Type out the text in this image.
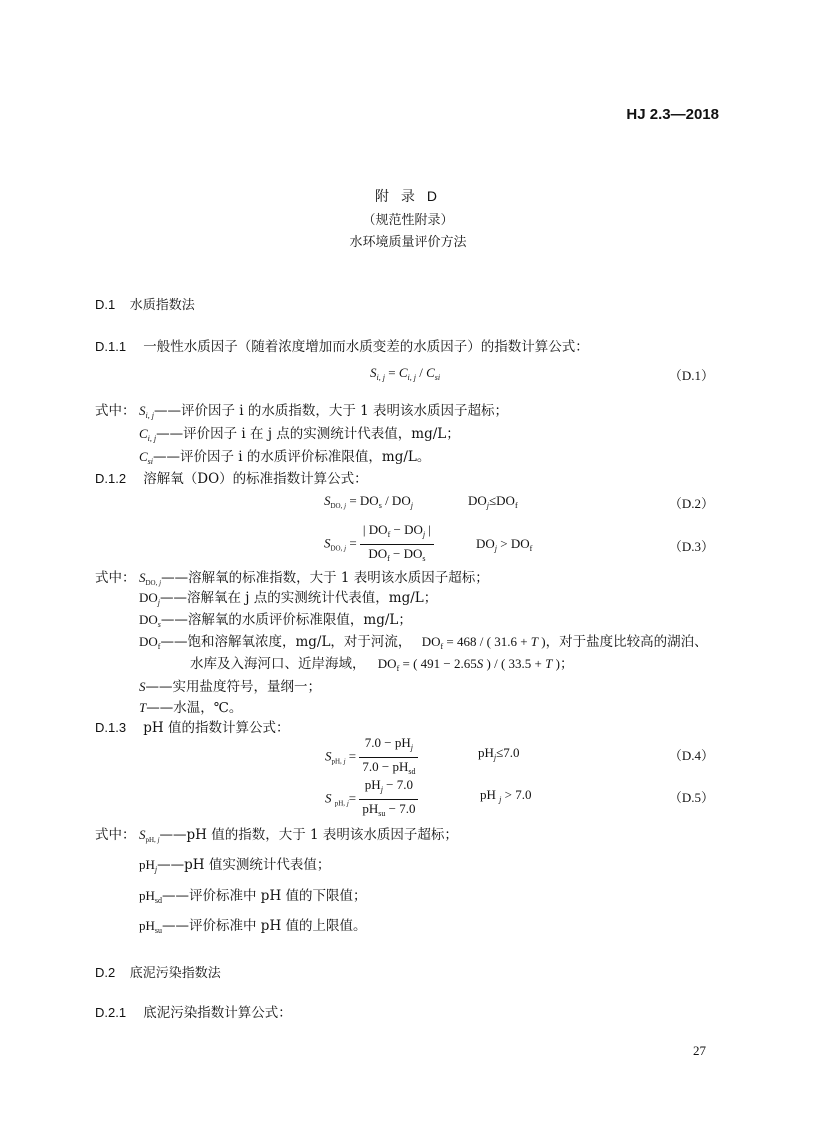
HJ 2.3—2018
附 录 D
（规范性附录）
水环境质量评价方法
D.1 水质指数法
D.1.1 一般性水质因子（随着浓度增加而水质变差的水质因子）的指数计算公式：
$S_{i, j} = C_{i, j} / C_{si}$	（D.1）
式中： $S_{i, j}——$评价因子 i 的水质指数，大于 1 表明该水质因子超标；
$C_{i, j}——$评价因子 i 在 j 点的实测统计代表值，mg/L；
$C_{si}——$评价因子 i 的水质评价标准限值，mg/L。
D.1.2 溶解氧（DO）的标准指数计算公式：
$S_{DO, j} = DO_s / DO_j$	$DO_j\le DO_f$	（D.2）
$S_{DO, j} = \frac{| DO_f - DO_j |}{DO_f - DO_s}$	$DO_j > DO_f$	（D.3）
式中： $S_{DO, j}——$溶解氧的标准指数，大于 1 表明该水质因子超标；
$DO_j——$溶解氧在 j 点的实测统计代表值，mg/L；
$DO_s——$溶解氧的水质评价标准限值，mg/L；
$DO_f——$饱和溶解氧浓度，mg/L，对于河流， $DO_f = 468$ / ( 31.6 + T )，对于盐度比较高的湖泊、
水库及入海河口、近岸海域， $DO_f$ = ( 491 − 2.65S ) / ( 33.5 + T )；
S——实用盐度符号，量纲一；
T——水温，℃。
D.1.3 pH 值的指数计算公式：
$S_{pH, j} = \frac{7.0 - pH_j}{7.0 - pH_{sd}}$	$pH_j\le 7.0$	（D.4）
S $_{pH, j}= \frac{pH_j - 7.0}{pH_{su} - 7.0}$	pH $_j$ > 7.0	（D.5）
式中： $S_{pH, j}——pH$ 值的指数，大于 1 表明该水质因子超标；
$pH_j——pH$ 值实测统计代表值；
$pH_{sd}——$评价标准中 pH 值的下限值；
$pH_{su}——$评价标准中 pH 值的上限值。
D.2 底泥污染指数法
D.2.1 底泥污染指数计算公式：
27
